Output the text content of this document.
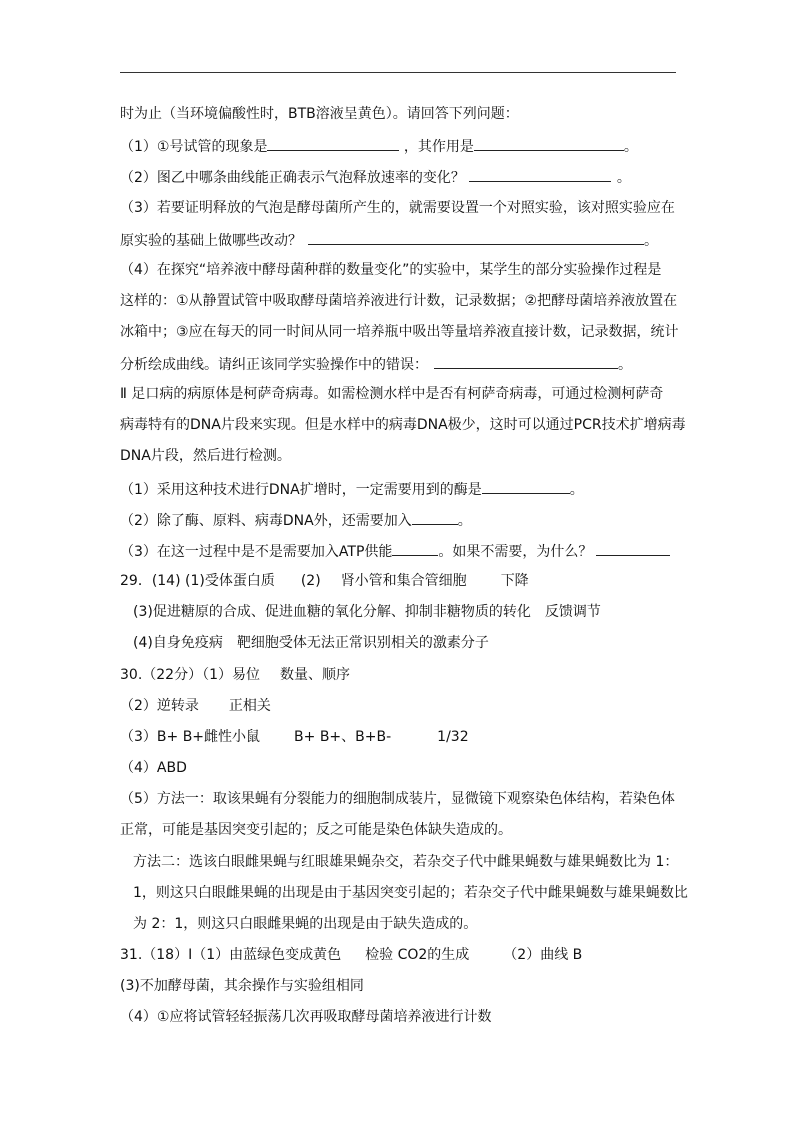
时为止（当环境偏酸性时，BTB溶液呈黄色）。请回答下列问题：
（1）①号试管的现象是	，其作用是	。
（2）图乙中哪条曲线能正确表示气泡释放速率的变化？	。
（3）若要证明释放的气泡是酵母菌所产生的，就需要设置一个对照实验，该对照实验应在
原实验的基础上做哪些改动？	。
（4）在探究“培养液中酵母菌种群的数量变化”的实验中，某学生的部分实验操作过程是
这样的：①从静置试管中吸取酵母菌培养液进行计数，记录数据；②把酵母菌培养液放置在
冰箱中；③应在每天的同一时间从同一培养瓶中吸出等量培养液直接计数，记录数据，统计
分析绘成曲线。请纠正该同学实验操作中的错误：	。
Ⅱ 足口病的病原体是柯萨奇病毒。如需检测水样中是否有柯萨奇病毒，可通过检测柯萨奇
病毒特有的DNA片段来实现。但是水样中的病毒DNA极少，这时可以通过PCR技术扩增病毒
DNA片段，然后进行检测。
（1）采用这种技术进行DNA扩增时，一定需要用到的酶是	。
（2）除了酶、原料、病毒DNA外，还需要加入	。
（3）在这一过程中是不是需要加入ATP供能	。如果不需要，为什么？
29．(14) (1)受体蛋白质 (2) 肾小管和集合管细胞 下降
(3)促进糖原的合成、促进血糖的氧化分解、抑制非糖物质的转化 反馈调节
(4)自身免疫病 靶细胞受体无法正常识别相关的激素分子
30.（22分）（1）易位 数量、顺序
（2）逆转录 正相关
（3）B+ B+雌性小鼠 B+ B+、B+B-	1/32
（4）ABD
（5）方法一：取该果蝇有分裂能力的细胞制成装片，显微镜下观察染色体结构，若染色体
正常，可能是基因突变引起的；反之可能是染色体缺失造成的。
方法二：选该白眼雌果蝇与红眼雄果蝇杂交，若杂交子代中雌果蝇数与雄果蝇数比为 1：
1，则这只白眼雌果蝇的出现是由于基因突变引起的；若杂交子代中雌果蝇数与雄果蝇数比
为 2：1，则这只白眼雌果蝇的出现是由于缺失造成的。
31.（18）Ⅰ（1）由蓝绿色变成黄色 检验 CO2的生成 （2）曲线 B
(3)不加酵母菌，其余操作与实验组相同
（4）①应将试管轻轻振荡几次再吸取酵母菌培养液进行计数
